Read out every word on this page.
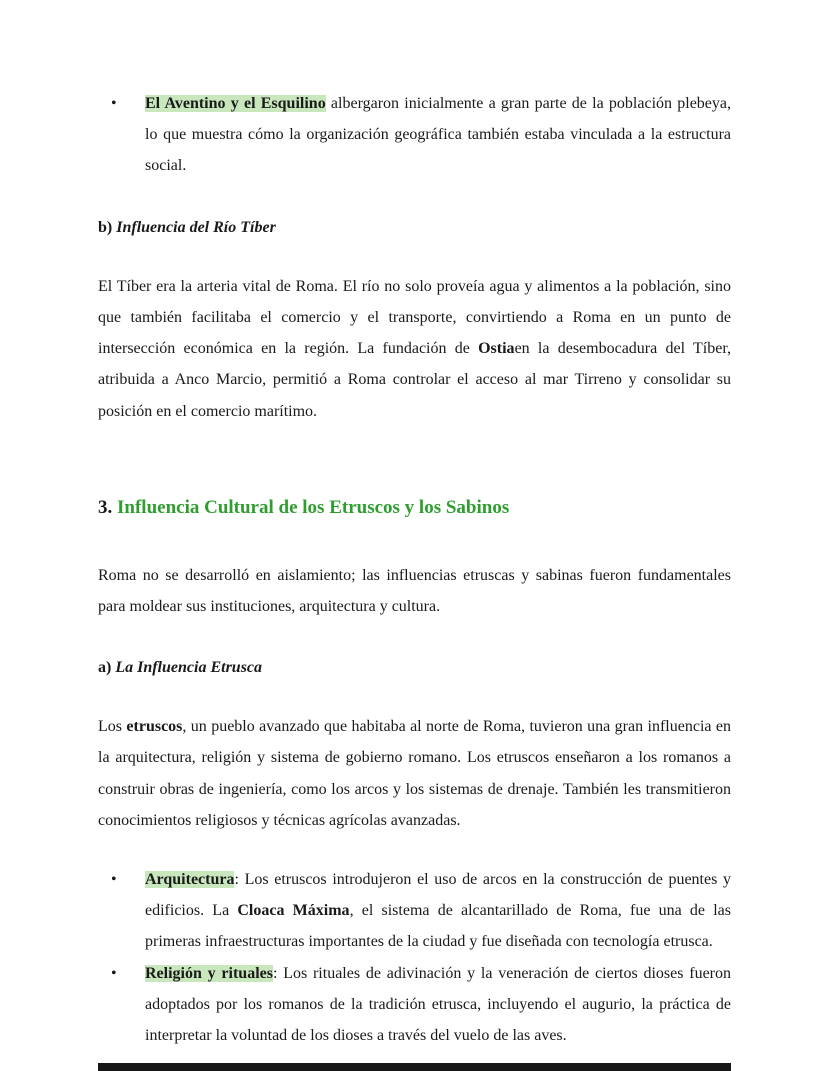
• El Aventino y el Esquilino albergaron inicialmente a gran parte de la población plebeya, lo que muestra cómo la organización geográfica también estaba vinculada a la estructura social.
b) Influencia del Río Tíber
El Tíber era la arteria vital de Roma. El río no solo proveía agua y alimentos a la población, sino que también facilitaba el comercio y el transporte, convirtiendo a Roma en un punto de intersección económica en la región. La fundación de Ostiaen la desembocadura del Tíber, atribuida a Anco Marcio, permitió a Roma controlar el acceso al mar Tirreno y consolidar su posición en el comercio marítimo.
3. Influencia Cultural de los Etruscos y los Sabinos
Roma no se desarrolló en aislamiento; las influencias etruscas y sabinas fueron fundamentales para moldear sus instituciones, arquitectura y cultura.
a) La Influencia Etrusca
Los etruscos, un pueblo avanzado que habitaba al norte de Roma, tuvieron una gran influencia en la arquitectura, religión y sistema de gobierno romano. Los etruscos enseñaron a los romanos a construir obras de ingeniería, como los arcos y los sistemas de drenaje. También les transmitieron conocimientos religiosos y técnicas agrícolas avanzadas.
• Arquitectura: Los etruscos introdujeron el uso de arcos en la construcción de puentes y edificios. La Cloaca Máxima, el sistema de alcantarillado de Roma, fue una de las primeras infraestructuras importantes de la ciudad y fue diseñada con tecnología etrusca.
• Religión y rituales: Los rituales de adivinación y la veneración de ciertos dioses fueron adoptados por los romanos de la tradición etrusca, incluyendo el augurio, la práctica de interpretar la voluntad de los dioses a través del vuelo de las aves.
